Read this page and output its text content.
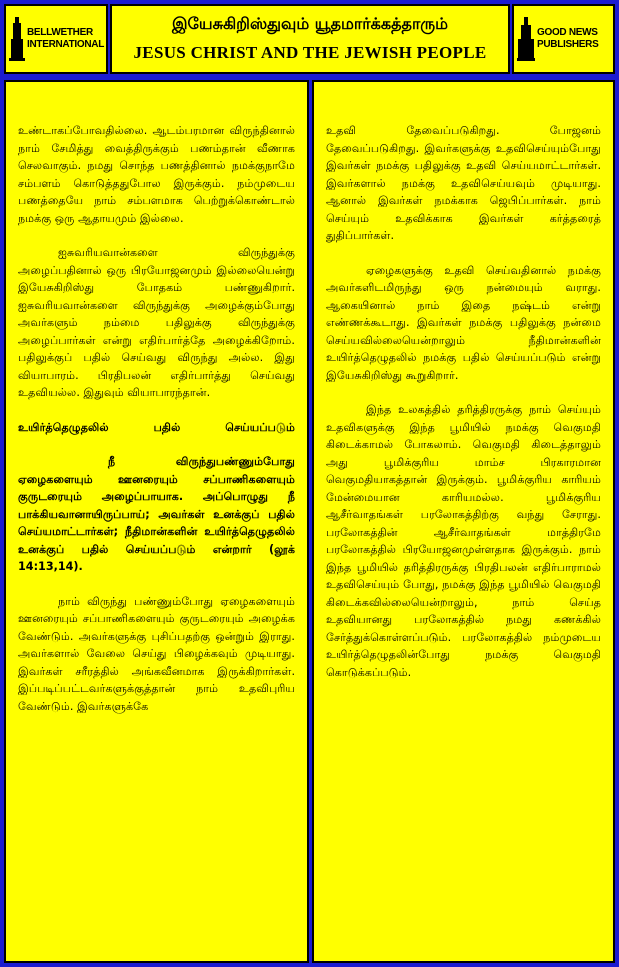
BELLWETHER
INTERNATIONAL
இயேசுகிறிஸ்துவும் யூதமார்க்கத்தாரும்
JESUS CHRIST AND THE JEWISH PEOPLE
GOOD NEWS
PUBLISHERS

உண்டாகப்போவதில்லை. ஆடம்பரமான விருந்தினால் நாம் சேமித்து வைத்திருக்கும் பணம்தான் வீணாக செலவாகும். நமது சொந்த பணத்தினால் நமக்குநாமே சம்பளம் கொடுத்ததுபோல இருக்கும். நம்முடைய பணத்தையே நாம் சம்பளமாக பெற்றுக்கொண்டால் நமக்கு ஒரு ஆதாயமும் இல்லை.

ஐசுவரியவான்களை விருந்துக்கு அழைப்பதினால் ஒரு பிரயோஜனமும் இல்லையென்று இயேசுகிறிஸ்து போதகம் பண்ணுகிறார். ஐசுவரியவான்களை விருந்துக்கு அழைக்கும்போது அவர்களும் நம்மை பதிலுக்கு விருந்துக்கு அழைப்பார்கள் என்று எதிர்பார்த்தே அழைக்கிறோம். பதிலுக்குப் பதில் செய்வது விருந்து அல்ல. இது வியாபாரம். பிரதிபலன் எதிர்பார்த்து செய்வது உதவியல்ல. இதுவும் வியாபாரந்தான்.

உயிர்த்தெழுதலில் பதில் செய்யப்படும்

நீ விருந்துபண்ணும்போது ஏழைகளையும் ஊனரையும் சப்பாணிகளையும் குருடரையும் அழைப்பாயாக. அப்பொழுது நீ பாக்கியவானாயிருப்பாய்; அவர்கள் உனக்குப் பதில் செய்யமாட்டார்கள்; நீதிமான்களின் உயிர்த்தெழுதலில் உனக்குப் பதில் செய்யப்படும் என்றார் (லூக் 14:13,14).

நாம் விருந்து பண்ணும்போது ஏழைகளையும் ஊனரையும் சப்பாணிகளையும் குருடரையும் அழைக்க வேண்டும். அவர்களுக்கு புசிப்பதற்கு ஒன்றும் இராது. அவர்களால் வேலை செய்து பிழைக்கவும் முடியாது. இவர்கள் சரீரத்தில் அங்கவீனமாக இருக்கிறார்கள். இப்படிப்பட்டவர்களுக்குத்தான் நாம் உதவிபுரிய வேண்டும். இவர்களுக்கே

உதவி தேவைப்படுகிறது. போஜனம் தேவைப்படுகிறது. இவர்களுக்கு உதவிசெய்யும்போது இவர்கள் நமக்கு பதிலுக்கு உதவி செய்யமாட்டார்கள். இவர்களால் நமக்கு உதவிசெய்யவும் முடியாது. ஆனால் இவர்கள் நமக்காக ஜெபிப்பார்கள். நாம் செய்யும் உதவிக்காக இவர்கள் கர்த்தரைத் துதிப்பார்கள்.

ஏழைகளுக்கு உதவி செய்வதினால் நமக்கு அவர்களிடமிருந்து ஒரு நன்மையும் வராது. ஆகையினால் நாம் இதை நஷ்டம் என்று எண்ணக்கூடாது. இவர்கள் நமக்கு பதிலுக்கு நன்மை செய்யவில்லையென்றாலும் நீதிமான்களின் உயிர்த்தெழுதலில் நமக்கு பதில் செய்யப்படும் என்று இயேசுகிறிஸ்து கூறுகிறார்.

இந்த உலகத்தில் தரித்திரருக்கு நாம் செய்யும் உதவிகளுக்கு இந்த பூமியில் நமக்கு வெகுமதி கிடைக்காமல் போகலாம். வெகுமதி கிடைத்தாலும் அது பூமிக்குரிய மாம்ச பிரகாரமான வெகுமதியாகத்தான் இருக்கும். பூமிக்குரிய காரியம் மேன்மையான காரியமல்ல. பூமிக்குரிய ஆசீர்வாதங்கள் பரலோகத்திற்கு வந்து சேராது. பரலோகத்தின் ஆசீர்வாதங்கள் மாத்திரமே பரலோகத்தில் பிரயோஜனமுள்ளதாக இருக்கும். நாம் இந்த பூமியில் தரித்திரருக்கு பிரதிபலன் எதிர்பாராமல் உதவிசெய்யும் போது, நமக்கு இந்த பூமியில் வெகுமதி கிடைக்கவில்லையென்றாலும், நாம் செய்த உதவியானது பரலோகத்தில் நமது கணக்கில் சேர்த்துக்கொள்ளப்படும். பரலோகத்தில் நம்முடைய உயிர்த்தெழுதலின்போது நமக்கு வெகுமதி கொடுக்கப்படும்.
